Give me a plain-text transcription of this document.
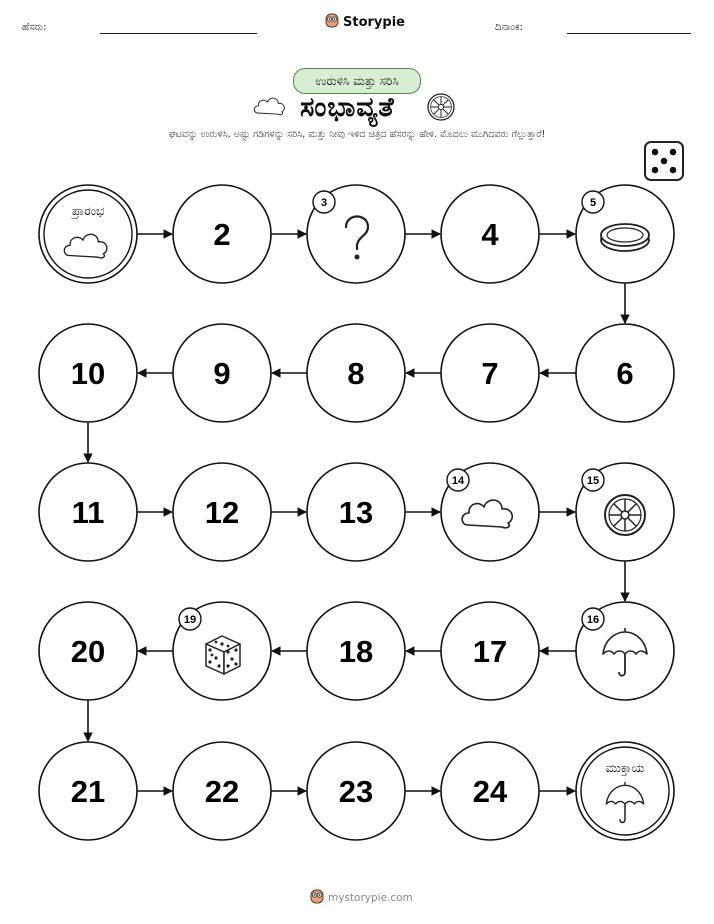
ಹೆಸರು:	Storypie	ದಿನಾಂಕ:
ಉರುಳಿಸಿ ಮತ್ತು ಸರಿಸಿ
ಸಂಭಾವ್ಯತೆ
ಘಟವನ್ನು ಉರುಳಿಸಿ, ಅಷ್ಟು ಗಡಿಗಳನ್ನು ಸರಿಸಿ, ಮತ್ತು ನೀವು ಇಳಿದ ಚಿತ್ರದ ಹೆಸರನ್ನು ಹೇಳಿ. ಮೊದಲು ಮುಗಿದವರು ಗೆಲ್ಲುತ್ತಾರೆ!
ಪ್ರಾರಂಭ
2
3
4
5
6
7
8
9
10
11	12	13
14	15
16
17
18
19
20
21	22	23	24
ಮುಕ್ತಾಯ
mystorypie.com
